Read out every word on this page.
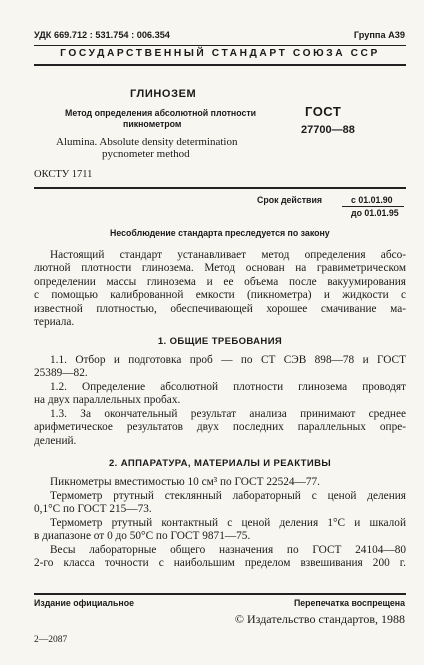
УДК 669.712 : 531.754 : 006.354	Группа А39
ГОСУДАРСТВЕННЫЙ СТАНДАРТ СОЮЗА ССР
ГЛИНОЗЕМ
Метод определения абсолютной плотности
пикнометром
Alumina. Absolute density determination
pycnometer method
ГОСТ
27700—88
ОКСТУ 1711
Срок действия	с 01.01.90
до 01.01.95
Несоблюдение стандарта преследуется по закону
Настоящий стандарт устанавливает метод определения абсо-
лютной плотности глинозема. Метод основан на гравиметрическом
определении массы глинозема и ее объема после вакуумирования
с помощью калиброванной емкости (пикнометра) и жидкости с
известной плотностью, обеспечивающей хорошее смачивание ма-
териала.
1. ОБЩИЕ ТРЕБОВАНИЯ
1.1. Отбор и подготовка проб — по СТ СЭВ 898—78 и ГОСТ
25389—82.
1.2. Определение абсолютной плотности глинозема проводят
на двух параллельных пробах.
1.3. За окончательный результат анализа принимают среднее
арифметическое результатов двух последних параллельных опре-
делений.
2. АППАРАТУРА, МАТЕРИАЛЫ И РЕАКТИВЫ
Пикнометры вместимостью 10 см³ по ГОСТ 22524—77.
Термометр ртутный стеклянный лабораторный с ценой деления
0,1°С по ГОСТ 215—73.
Термометр ртутный контактный с ценой деления 1°С и шкалой
в диапазоне от 0 до 50°С по ГОСТ 9871—75.
Весы лабораторные общего назначения по ГОСТ 24104—80
2-го класса точности с наибольшим пределом взвешивания 200 г.
Издание официальное	Перепечатка воспрещена
© Издательство стандартов, 1988
2—2087
